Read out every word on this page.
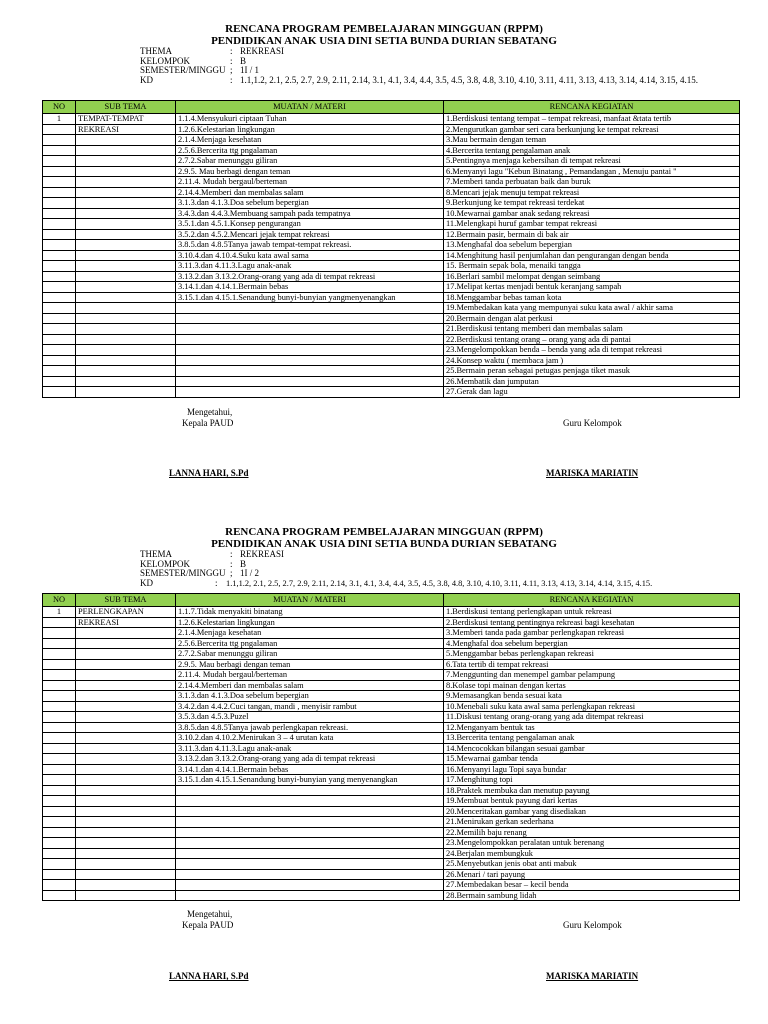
RENCANA PROGRAM PEMBELAJARAN MINGGUAN (RPPM)
PENDIDIKAN ANAK USIA DINI SETIA BUNDA DURIAN SEBATANG
THEMA	: REKREASI
KELOMPOK	: B
SEMESTER/MINGGU ; 1I / 1
KD	: 1.1,1.2, 2.1, 2.5, 2.7, 2.9, 2.11, 2.14, 3.1, 4.1, 3.4, 4.4, 3.5, 4.5, 3.8, 4.8, 3.10, 4.10, 3.11, 4.11, 3.13, 4.13, 3.14, 4.14, 3.15, 4.15.
NO	SUB TEMA	MUATAN / MATERI	RENCANA KEGIATAN
1	TEMPAT-TEMPAT	1.1.4.Mensyukuri ciptaan Tuhan	1.Berdiskusi tentang tempat – tempat rekreasi, manfaat &tata tertib
	REKREASI	1.2.6.Kelestarian lingkungan	2.Mengurutkan gambar seri cara berkunjung ke tempat rekreasi
		2.1.4.Menjaga kesehatan	3.Mau bermain dengan teman
		2.5.6.Bercerita ttg pngalaman	4.Bercerita tentang pengalaman anak
		2.7.2.Sabar menunggu giliran	5.Pentingnya menjaga kebersihan di tempat rekreasi
		2.9.5. Mau berbagi dengan teman	6.Menyanyi lagu "Kebun Binatang , Pemandangan , Menuju pantai "
		2.11.4. Mudah bergaul/berteman	7.Memberi tanda perbuatan baik dan buruk
		2.14.4.Memberi dan membalas salam	8.Mencari jejak menuju tempat rekreasi
		3.1.3.dan 4.1.3.Doa sebelum bepergian	9.Berkunjung ke tempat rekreasi terdekat
		3.4.3.dan 4.4.3.Membuang sampah pada tempatnya	10.Mewarnai gambar anak sedang rekreasi
		3.5.1.dan 4.5.1.Konsep pengurangan	11.Melengkapi huruf gambar tempat rekreasi
		3.5.2.dan 4.5.2.Mencari jejak tempat rekreasi	12.Bermain pasir, bermain di bak air
		3.8.5.dan 4.8.5Tanya jawab tempat-tempat rekreasi.	13.Menghafal doa sebelum bepergian
		3.10.4.dan 4.10.4.Suku kata awal sama	14.Menghitung hasil penjumlahan dan pengurangan dengan benda
		3.11.3.dan 4.11.3.Lagu anak-anak	15. Bermain sepak bola, menaiki tangga
		3.13.2.dan 3.13.2.Orang-orang yang ada di tempat rekreasi	16.Berlari sambil melompat dengan seimbang
		3.14.1.dan 4.14.1.Bermain bebas	17.Melipat kertas menjadi bentuk keranjang sampah
		3.15.1.dan 4.15.1.Senandung bunyi-bunyian yangmenyenangkan	18.Menggambar bebas taman kota
			19.Membedakan kata yang mempunyai suku kata awal / akhir sama
			20.Bermain dengan alat perkusi
			21.Berdiskusi tentang memberi dan membalas salam
			22.Berdiskusi tentang orang – orang yang ada di pantai
			23.Mengelompokkan benda – benda yang ada di tempat rekreasi
			24.Konsep waktu ( membaca jam )
			25.Bermain peran sebagai petugas penjaga tiket masuk
			26.Membatik dan jumputan
			27.Gerak dan lagu
Mengetahui,
Kepala PAUD	Guru Kelompok
LANNA HARI, S.Pd	MARISKA MARIATIN
RENCANA PROGRAM PEMBELAJARAN MINGGUAN (RPPM)
PENDIDIKAN ANAK USIA DINI SETIA BUNDA DURIAN SEBATANG
THEMA	: REKREASI
KELOMPOK	: B
SEMESTER/MINGGU ; 1I / 2
KD	: 1.1,1.2, 2.1, 2.5, 2.7, 2.9, 2.11, 2.14, 3.1, 4.1, 3.4, 4.4, 3.5, 4.5, 3.8, 4.8, 3.10, 4.10, 3.11, 4.11, 3.13, 4.13, 3.14, 4.14, 3.15, 4.15.
NO	SUB TEMA	MUATAN / MATERI	RENCANA KEGIATAN
1	PERLENGKAPAN	1.1.7.Tidak menyakiti binatang	1.Berdiskusi tentang perlengkapan untuk rekreasi
	REKREASI	1.2.6.Kelestarian lingkungan	2.Berdiskusi tentang pentingnya rekreasi bagi kesehatan
		2.1.4.Menjaga kesehatan	3.Memberi tanda pada gambar perlengkapan rekreasi
		2.5.6.Bercerita ttg pngalaman	4.Menghafal doa sebelum bepergian
		2.7.2.Sabar menunggu giliran	5.Menggambar bebas perlengkapan rekreasi
		2.9.5. Mau berbagi dengan teman	6.Tata tertib di tempat rekreasi
		2.11.4. Mudah bergaul/berteman	7.Menggunting dan menempel gambar pelampung
		2.14.4.Memberi dan membalas salam	8.Kolase topi mainan dengan kertas
		3.1.3.dan 4.1.3.Doa sebelum bepergian	9.Memasangkan benda sesuai kata
		3.4.2.dan 4.4.2.Cuci tangan, mandi , menyisir rambut	10.Menebali suku kata awal sama perlengkapan rekreasi
		3.5.3.dan 4.5.3.Puzel	11.Diskusi tentang orang-orang yang ada ditempat rekreasi
		3.8.5.dan 4.8.5Tanya jawab perlengkapan rekreasi.	12.Menganyam bentuk tas
		3.10.2.dan 4.10.2.Menirukan 3 – 4 urutan kata	13.Bercerita tentang pengalaman anak
		3.11.3.dan 4.11.3.Lagu anak-anak	14.Mencocokkan bilangan sesuai gambar
		3.13.2.dan 3.13.2.Orang-orang yang ada di tempat rekreasi	15.Mewarnai gambar tenda
		3.14.1.dan 4.14.1.Bermain bebas	16.Menyanyi lagu Topi saya bundar
		3.15.1.dan 4.15.1.Senandung bunyi-bunyian yang menyenangkan	17.Menghitung topi
			18.Praktek membuka dan menutup payung
			19.Membuat bentuk payung dari kertas
			20.Menceritakan gambar yang disediakan
			21.Menirukan gerkan sederhana
			22.Memilih baju renang
			23.Mengelompokkan peralatan untuk berenang
			24.Berjalan membungkuk
			25.Menyebutkan jenis obat anti mabuk
			26.Menari / tari payung
			27.Membedakan besar – kecil benda
			28.Bermain sambung lidah
Mengetahui,
Kepala PAUD	Guru Kelompok
LANNA HARI, S.Pd	MARISKA MARIATIN
